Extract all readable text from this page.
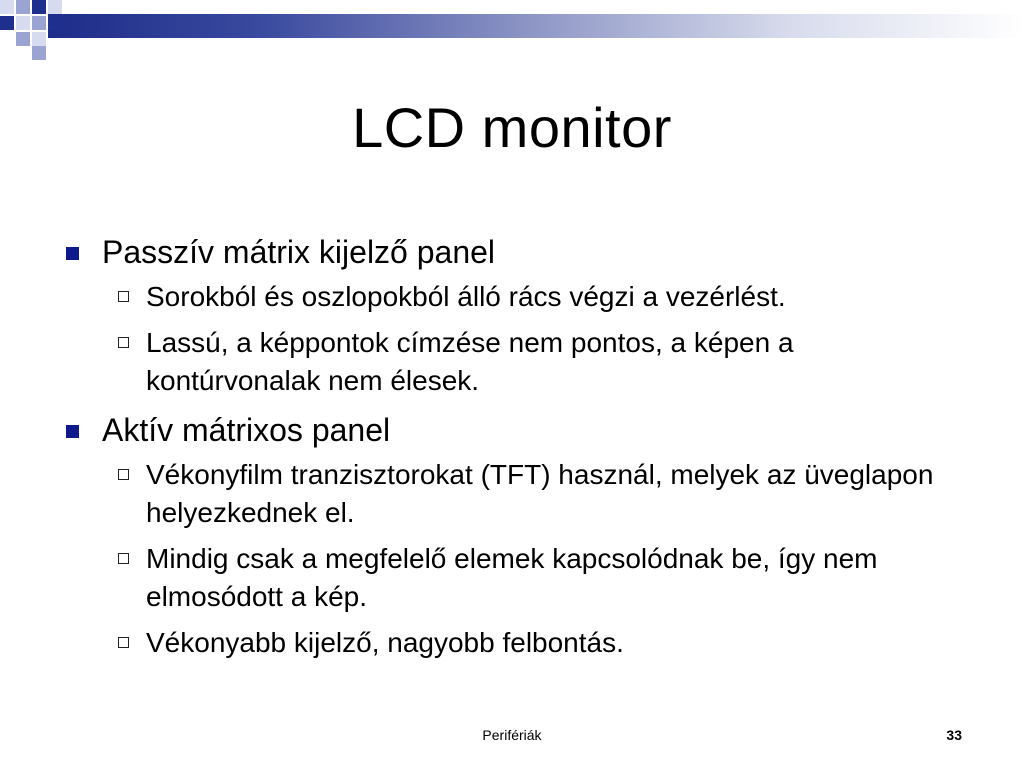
LCD monitor
Passzív mátrix kijelző panel
Sorokból és oszlopokból álló rács végzi a vezérlést.
Lassú, a képpontok címzése nem pontos, a képen a kontúrvonalak nem élesek.
Aktív mátrixos panel
Vékonyfilm tranzisztorokat (TFT) használ, melyek az üveglapon helyezkednek el.
Mindig csak a megfelelő elemek kapcsolódnak be, így nem elmosódott a kép.
Vékonyabb kijelző, nagyobb felbontás.
Perifériák	33
